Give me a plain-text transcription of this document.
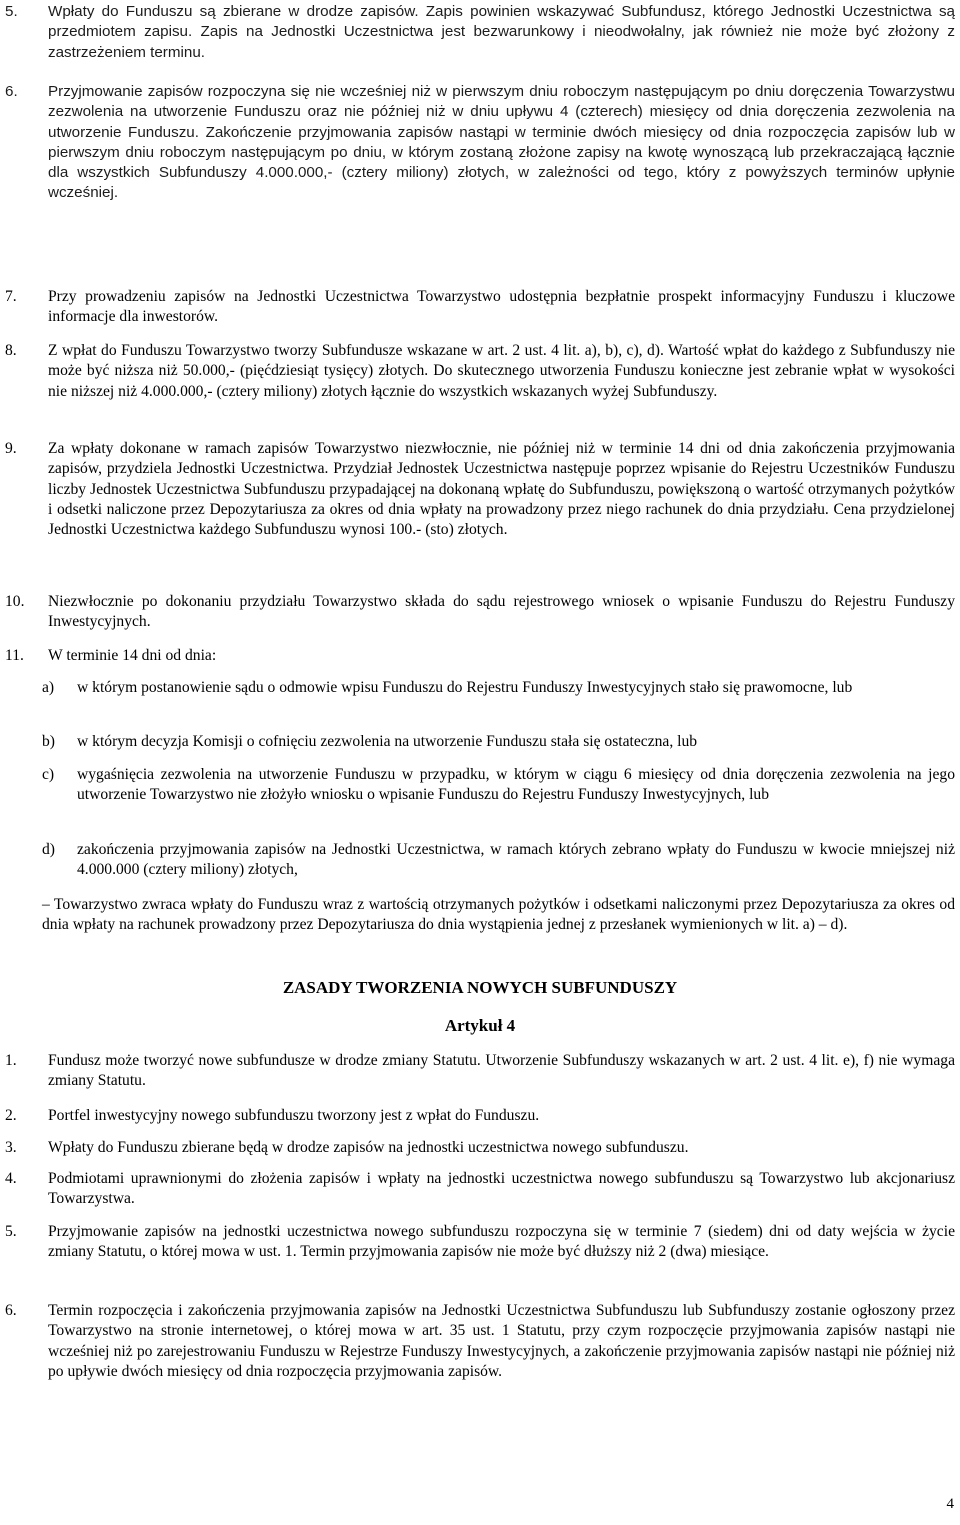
5.	Wpłaty do Funduszu są zbierane w drodze zapisów. Zapis powinien wskazywać Subfundusz, którego Jednostki Uczestnictwa są przedmiotem zapisu. Zapis na Jednostki Uczestnictwa jest bezwarunkowy i nieodwołalny, jak również nie może być złożony z zastrzeżeniem terminu.
6.	Przyjmowanie zapisów rozpoczyna się nie wcześniej niż w pierwszym dniu roboczym następującym po dniu doręczenia Towarzystwu zezwolenia na utworzenie Funduszu oraz nie później niż w dniu upływu 4 (czterech) miesięcy od dnia doręczenia zezwolenia na utworzenie Funduszu. Zakończenie przyjmowania zapisów nastąpi w terminie dwóch miesięcy od dnia rozpoczęcia zapisów lub w pierwszym dniu roboczym następującym po dniu, w którym zostaną złożone zapisy na kwotę wynoszącą lub przekraczającą łącznie dla wszystkich Subfunduszy 4.000.000,- (cztery miliony) złotych, w zależności od tego, który z powyższych terminów upłynie wcześniej.
7.	Przy prowadzeniu zapisów na Jednostki Uczestnictwa Towarzystwo udostępnia bezpłatnie prospekt informacyjny Funduszu i kluczowe informacje dla inwestorów.
8.	Z wpłat do Funduszu Towarzystwo tworzy Subfundusze wskazane w art. 2 ust. 4 lit. a), b), c), d). Wartość wpłat do każdego z Subfunduszy nie może być niższa niż 50.000,- (pięćdziesiąt tysięcy) złotych. Do skutecznego utworzenia Funduszu konieczne jest zebranie wpłat w wysokości nie niższej niż 4.000.000,- (cztery miliony) złotych łącznie do wszystkich wskazanych wyżej Subfunduszy.
9.	Za wpłaty dokonane w ramach zapisów Towarzystwo niezwłocznie, nie później niż w terminie 14 dni od dnia zakończenia przyjmowania zapisów, przydziela Jednostki Uczestnictwa. Przydział Jednostek Uczestnictwa następuje poprzez wpisanie do Rejestru Uczestników Funduszu liczby Jednostek Uczestnictwa Subfunduszu przypadającej na dokonaną wpłatę do Subfunduszu, powiększoną o wartość otrzymanych pożytków i odsetki naliczone przez Depozytariusza za okres od dnia wpłaty na prowadzony przez niego rachunek do dnia przydziału. Cena przydzielonej Jednostki Uczestnictwa każdego Subfunduszu wynosi 100.- (sto) złotych.
10.	Niezwłocznie po dokonaniu przydziału Towarzystwo składa do sądu rejestrowego wniosek o wpisanie Funduszu do Rejestru Funduszy Inwestycyjnych.
11.	W terminie 14 dni od dnia:
a)	w którym postanowienie sądu o odmowie wpisu Funduszu do Rejestru Funduszy Inwestycyjnych stało się prawomocne, lub
b)	w którym decyzja Komisji o cofnięciu zezwolenia na utworzenie Funduszu stała się ostateczna, lub
c)	wygaśnięcia zezwolenia na utworzenie Funduszu w przypadku, w którym w ciągu 6 miesięcy od dnia doręczenia zezwolenia na jego utworzenie Towarzystwo nie złożyło wniosku o wpisanie Funduszu do Rejestru Funduszy Inwestycyjnych, lub
d)	zakończenia przyjmowania zapisów na Jednostki Uczestnictwa, w ramach których zebrano wpłaty do Funduszu w kwocie mniejszej niż 4.000.000 (cztery miliony) złotych,
– Towarzystwo zwraca wpłaty do Funduszu wraz z wartością otrzymanych pożytków i odsetkami naliczonymi przez Depozytariusza za okres od dnia wpłaty na rachunek prowadzony przez Depozytariusza do dnia wystąpienia jednej z przesłanek wymienionych w lit. a) – d).
ZASADY TWORZENIA NOWYCH SUBFUNDUSZY
Artykuł 4
1.	Fundusz może tworzyć nowe subfundusze w drodze zmiany Statutu. Utworzenie Subfunduszy wskazanych w art. 2 ust. 4 lit. e), f) nie wymaga zmiany Statutu.
2.	Portfel inwestycyjny nowego subfunduszu tworzony jest z wpłat do Funduszu.
3.	Wpłaty do Funduszu zbierane będą w drodze zapisów na jednostki uczestnictwa nowego subfunduszu.
4.	Podmiotami uprawnionymi do złożenia zapisów i wpłaty na jednostki uczestnictwa nowego subfunduszu są Towarzystwo lub akcjonariusz Towarzystwa.
5.	Przyjmowanie zapisów na jednostki uczestnictwa nowego subfunduszu rozpoczyna się w terminie 7 (siedem) dni od daty wejścia w życie zmiany Statutu, o której mowa w ust. 1. Termin przyjmowania zapisów nie może być dłuższy niż 2 (dwa) miesiące.
6.	Termin rozpoczęcia i zakończenia przyjmowania zapisów na Jednostki Uczestnictwa Subfunduszu lub Subfunduszy zostanie ogłoszony przez Towarzystwo na stronie internetowej, o której mowa w art. 35 ust. 1 Statutu, przy czym rozpoczęcie przyjmowania zapisów nastąpi nie wcześniej niż po zarejestrowaniu Funduszu w Rejestrze Funduszy Inwestycyjnych, a zakończenie przyjmowania zapisów nastąpi nie później niż po upływie dwóch miesięcy od dnia rozpoczęcia przyjmowania zapisów.
4
